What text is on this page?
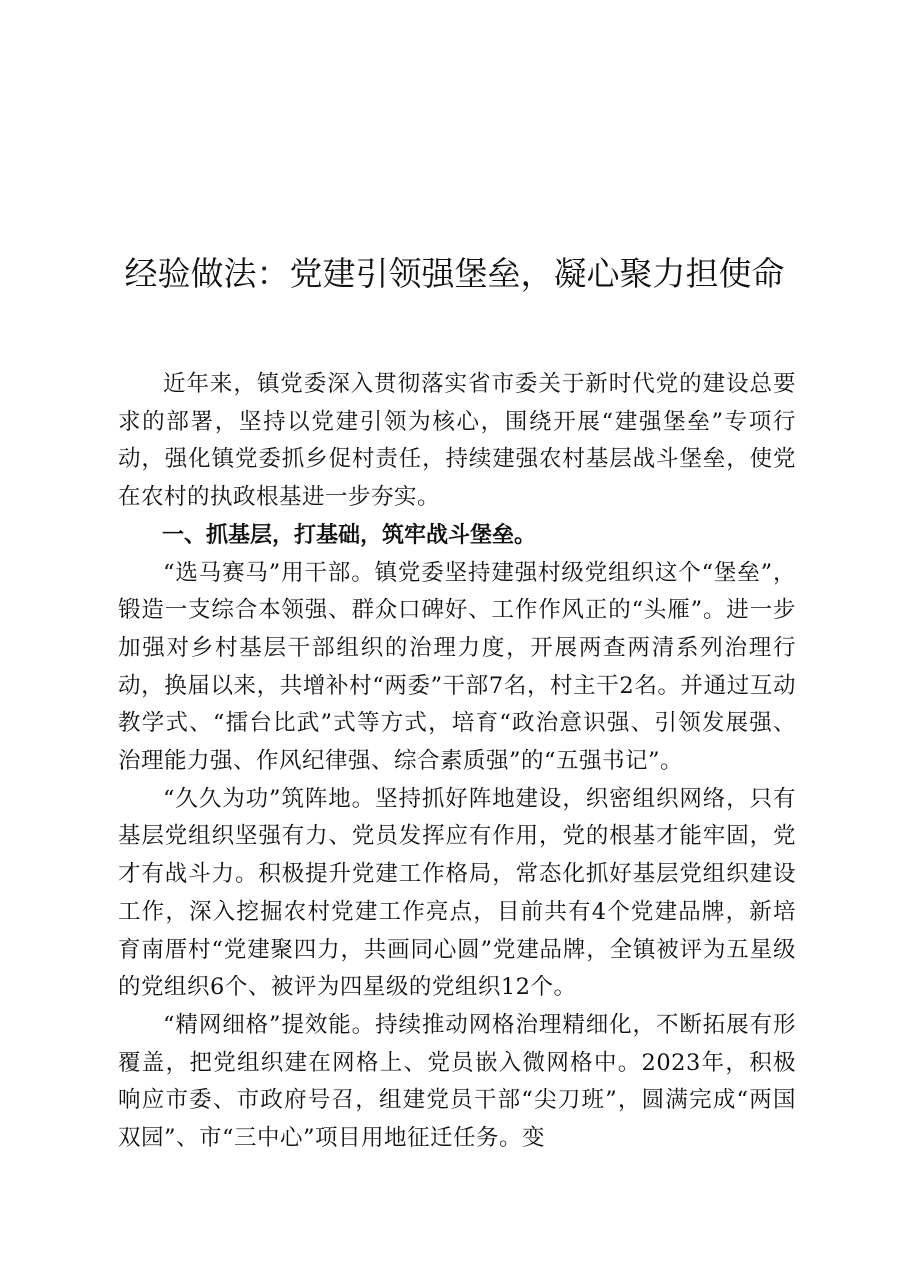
经验做法：党建引领强堡垒，凝心聚力担使命

近年来，镇党委深入贯彻落实省市委关于新时代党的建设总要求的部署，坚持以党建引领为核心，围绕开展“建强堡垒”专项行动，强化镇党委抓乡促村责任，持续建强农村基层战斗堡垒，使党在农村的执政根基进一步夯实。

一、抓基层，打基础，筑牢战斗堡垒。

“选马赛马”用干部。镇党委坚持建强村级党组织这个“堡垒”，锻造一支综合本领强、群众口碑好、工作作风正的“头雁”。进一步加强对乡村基层干部组织的治理力度，开展两查两清系列治理行动，换届以来，共增补村“两委”干部7名，村主干2名。并通过互动教学式、“擂台比武”式等方式，培育“政治意识强、引领发展强、治理能力强、作风纪律强、综合素质强”的“五强书记”。

“久久为功”筑阵地。坚持抓好阵地建设，织密组织网络，只有基层党组织坚强有力、党员发挥应有作用，党的根基才能牢固，党才有战斗力。积极提升党建工作格局，常态化抓好基层党组织建设工作，深入挖掘农村党建工作亮点，目前共有4个党建品牌，新培育南厝村“党建聚四力，共画同心圆”党建品牌，全镇被评为五星级的党组织6个、被评为四星级的党组织12个。

“精网细格”提效能。持续推动网格治理精细化，不断拓展有形覆盖，把党组织建在网格上、党员嵌入微网格中。2023年，积极响应市委、市政府号召，组建党员干部“尖刀班”，圆满完成“两国双园”、市“三中心”项目用地征迁任务。变
